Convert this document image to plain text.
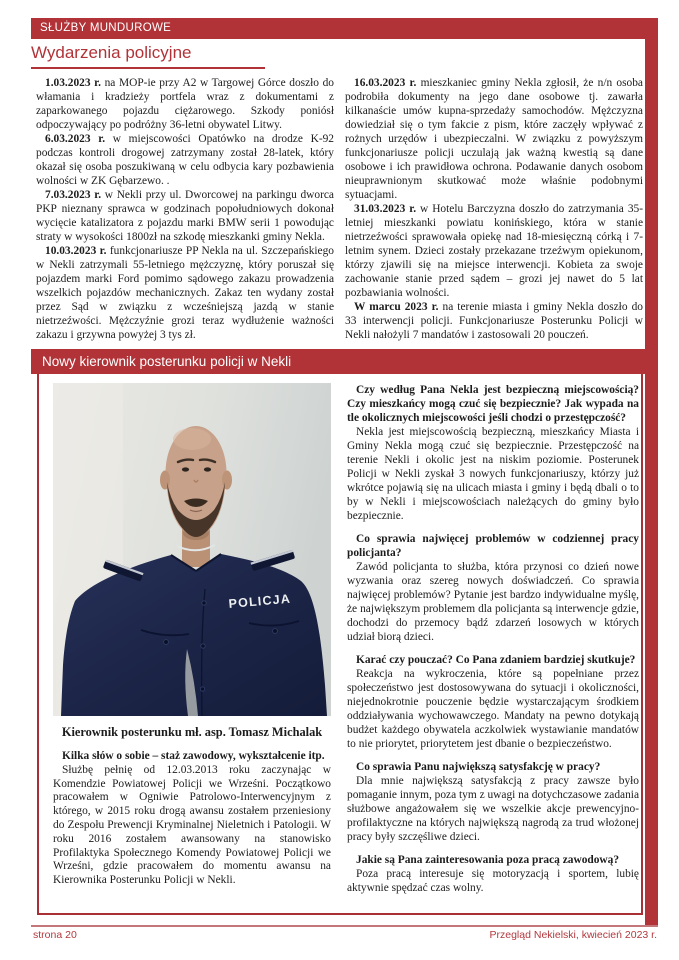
SŁUŻBY MUNDUROWE
Wydarzenia policyjne

1.03.2023 r. na MOP-ie przy A2 w Targowej Górce doszło do włamania i kradzieży portfela wraz z dokumentami z zaparkowanego pojazdu ciężarowego. Szkody poniósł odpoczywający po podróżny 36-letni obywatel Litwy.

6.03.2023 r. w miejscowości Opatówko na drodze K-92 podczas kontroli drogowej zatrzymany został 28-latek, który okazał się osoba poszukiwaną w celu odbycia kary pozbawienia wolności w ZK Gębarzewo. .

7.03.2023 r. w Nekli przy ul. Dworcowej na parkingu dworca PKP nieznany sprawca w godzinach popołudniowych dokonał wycięcie katalizatora z pojazdu marki BMW serii 1 powodując straty w wysokości 1800zł na szkodę mieszkanki gminy Nekla.

10.03.2023 r. funkcjonariusze PP Nekla na ul. Szczepańskiego w Nekli zatrzymali 55-letniego mężczyznę, który poruszał się pojazdem marki Ford pomimo sądowego zakazu prowadzenia wszelkich pojazdów mechanicznych. Zakaz ten wydany został przez Sąd w związku z wcześniejszą jazdą w stanie nietrzeźwości. Mężczyźnie grozi teraz wydłużenie ważności zakazu i grzywna powyżej 3 tys zł.

16.03.2023 r. mieszkaniec gminy Nekla zgłosił, że n/n osoba podrobiła dokumenty na jego dane osobowe tj. zawarła kilkanaście umów kupna-sprzedaży samochodów. Mężczyzna dowiedział się o tym fakcie z pism, które zaczęły wpływać z rożnych urzędów i ubezpieczalni. W związku z powyższym funkcjonariusze policji uczulają jak ważną kwestią są dane osobowe i ich prawidłowa ochrona. Podawanie danych osobom nieuprawnionym skutkować może właśnie podobnymi sytuacjami.

31.03.2023 r. w Hotelu Barczyzna doszło do zatrzymania 35-letniej mieszkanki powiatu konińskiego, która w stanie nietrzeźwości sprawowała opiekę nad 18-miesięczną córką i 7-letnim synem. Dzieci zostały przekazane trzeźwym opiekunom, którzy zjawili się na miejsce interwencji. Kobieta za swoje zachowanie stanie przed sądem – grozi jej nawet do 5 lat pozbawiania wolności.

W marcu 2023 r. na terenie miasta i gminy Nekla doszło do 33 interwencji policji. Funkcjonariusze Posterunku Policji w Nekli nałożyli 7 mandatów i zastosowali 20 pouczeń.

Nowy kierownik posterunku policji w Nekli
POLICJA
Kierownik posterunku mł. asp. Tomasz Michalak

Kilka słów o sobie – staż zawodowy, wykształcenie itp.

Służbę pełnię od 12.03.2013 roku zaczynając w Komendzie Powiatowej Policji we Wrześni. Początkowo pracowałem w Ogniwie Patrolowo-Interwencyjnym z którego, w 2015 roku drogą awansu zostałem przeniesiony do Zespołu Prewencji Kryminalnej Nieletnich i Patologii. W roku 2016 zostałem awansowany na stanowisko Profilaktyka Społecznego Komendy Powiatowej Policji we Wrześni, gdzie pracowałem do momentu awansu na Kierownika Posterunku Policji w Nekli.

Czy według Pana Nekla jest bezpieczną miejscowością? Czy mieszkańcy mogą czuć się bezpiecznie? Jak wypada na tle okolicznych miejscowości jeśli chodzi o przestępczość?

Nekla jest miejscowością bezpieczną, mieszkańcy Miasta i Gminy Nekla mogą czuć się bezpiecznie. Przestępczość na terenie Nekli i okolic jest na niskim poziomie. Posterunek Policji w Nekli zyskał 3 nowych funkcjonariuszy, którzy już wkrótce pojawią się na ulicach miasta i gminy i będą dbali o to by w Nekli i miejscowościach należących do gminy było bezpiecznie.

Co sprawia najwięcej problemów w codziennej pracy policjanta?

Zawód policjanta to służba, która przynosi co dzień nowe wyzwania oraz szereg nowych doświadczeń. Co sprawia najwięcej problemów? Pytanie jest bardzo indywidualne myślę, że największym problemem dla policjanta są interwencje gdzie, dochodzi do przemocy bądź zdarzeń losowych w których udział biorą dzieci.

Karać czy pouczać? Co Pana zdaniem bardziej skutkuje?

Reakcja na wykroczenia, które są popełniane przez społeczeństwo jest dostosowywana do sytuacji i okoliczności, niejednokrotnie pouczenie będzie wystarczającym środkiem oddziaływania wychowawczego. Mandaty na pewno dotykają budżet każdego obywatela aczkolwiek wystawianie mandatów to nie priorytet, priorytetem jest dbanie o bezpieczeństwo.

Co sprawia Panu największą satysfakcję w pracy?

Dla mnie największą satysfakcją z pracy zawsze było pomaganie innym, poza tym z uwagi na dotychczasowe zadania służbowe angażowałem się we wszelkie akcje prewencyjno-profilaktyczne na których największą nagrodą za trud włożonej pracy były szczęśliwe dzieci.

Jakie są Pana zainteresowania poza pracą zawodową?

Poza pracą interesuje się motoryzacją i sportem, lubię aktywnie spędzać czas wolny.

strona 20	Przegląd Nekielski, kwiecień 2023 r.
